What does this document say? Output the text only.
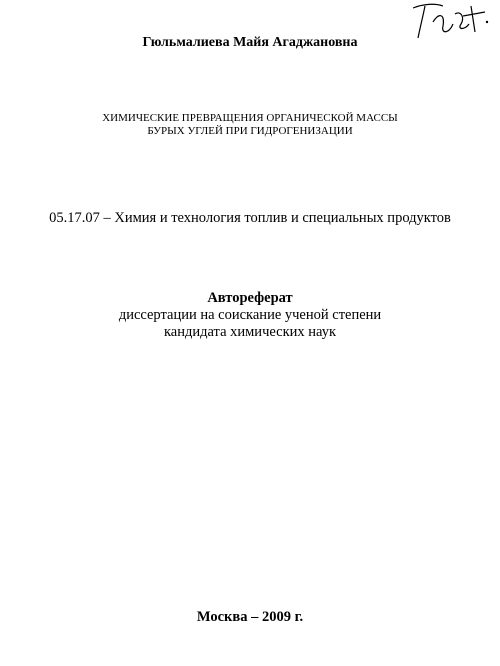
Гюльмалиева Майя Агаджановна
ХИМИЧЕСКИЕ ПРЕВРАЩЕНИЯ ОРГАНИЧЕСКОЙ МАССЫ
БУРЫХ УГЛЕЙ ПРИ ГИДРОГЕНИЗАЦИИ
05.17.07 – Химия и технология топлив и специальных продуктов
Автореферат
диссертации на соискание ученой степени
кандидата химических наук
Москва – 2009 г.
